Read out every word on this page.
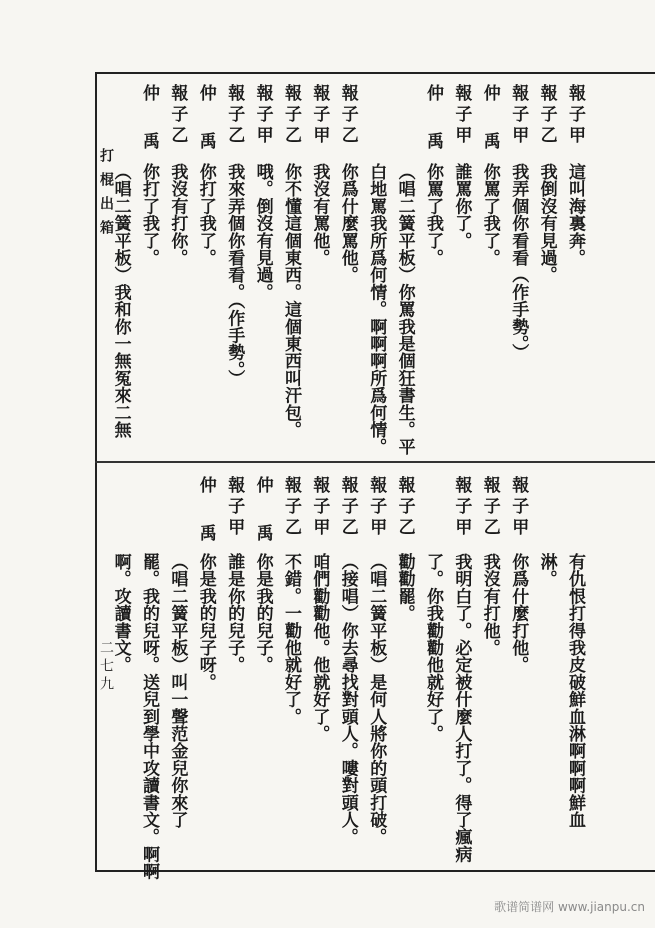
打棍出箱
二七九
報子甲
這叫海裏奔。
報子乙
我倒沒有見過。
報子甲
我弄個你看看（作手勢。）
仲禹
你罵了我了。
報子甲
誰罵你了。
仲禹
你罵了我了。
（唱二簧平板）你罵我是個狂書生。平
白地罵我所爲何情。啊啊啊所爲何情。
報子乙
你爲什麼罵他。
報子甲
我沒有罵他。
報子乙
你不懂這個東西。這個東西叫汗包。
報子甲
哦。倒沒有見過。
報子乙
我來弄個你看看。（作手勢。）
仲禹
你打了我了。
報子乙
我沒有打你。
仲禹
你打了我了。
（唱二簧平板）我和你一無冤來二無
有仇恨打得我皮破鮮血淋啊啊啊鮮血
淋。
報子甲
你爲什麼打他。
報子乙
我沒有打他。
報子甲
我明白了。必定被什麼人打了。得了瘋病
了。你我勸勸他就好了。
報子乙
勸勸罷。
報子甲
（唱二簧平板）是何人將你的頭打破。
報子乙
（接唱）你去尋找對頭人。嘍對頭人。
報子甲
咱們勸勸他。他就好了。
報子乙
不錯。一勸他就好了。
仲禹
你是我的兒子。
報子甲
誰是你的兒子。
仲禹
你是我的兒子呀。
（唱二簧平板）叫一聲范金兒你來了
罷。我的兒呀。送兒到學中攻讀書文。啊啊
啊。攻讀書文。
歌谱简谱网 www.jianpu.cn
